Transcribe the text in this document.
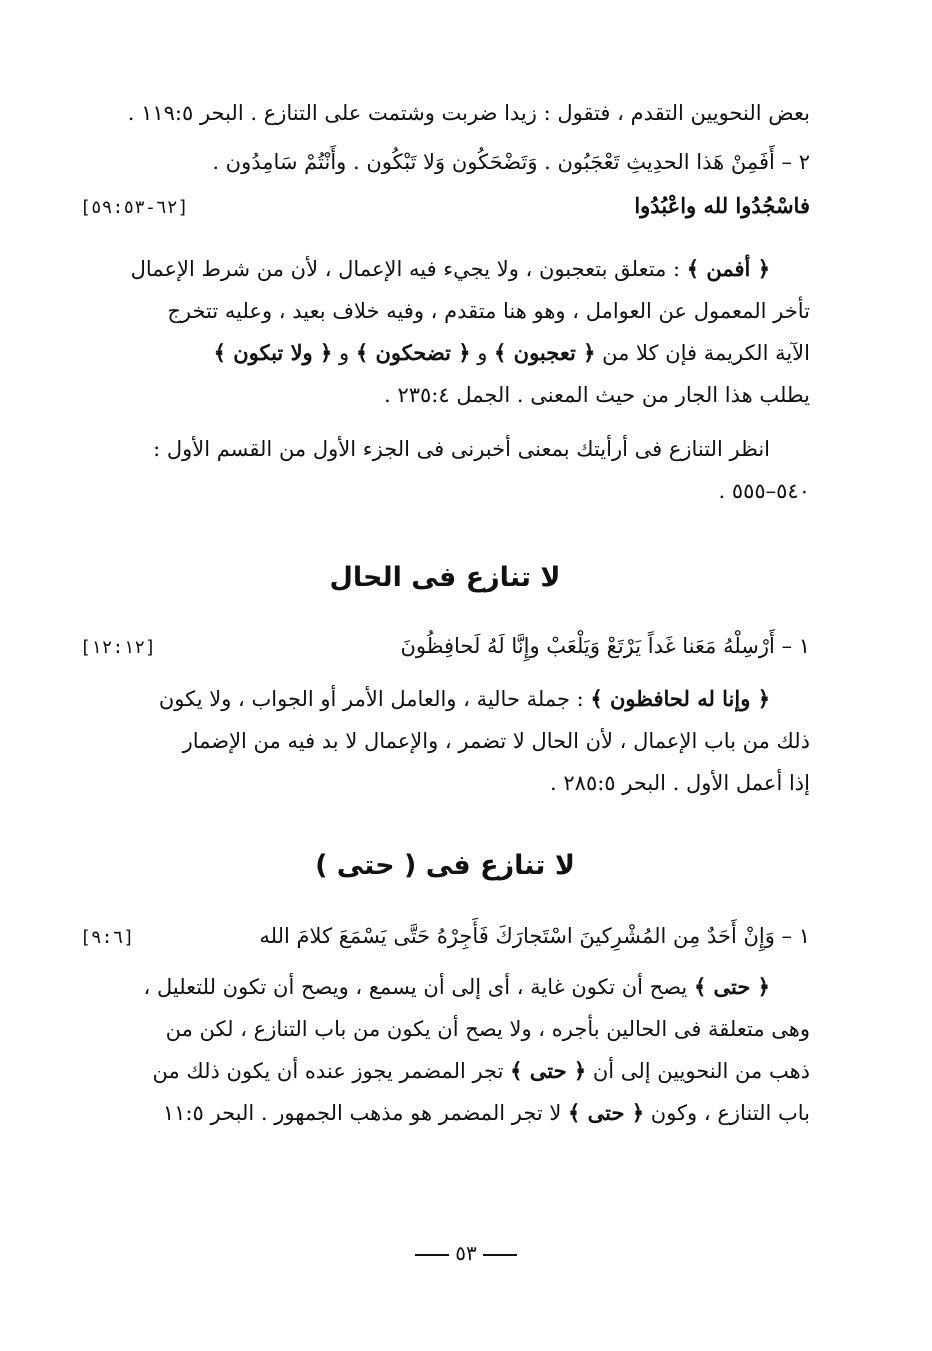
بعض النحويين التقدم ، فتقول : زيدا ضربت وشتمت على التنازع . البحر ١١٩:٥ .
٢ – أَفَمِنْ هَذا الحدِيثِ تَعْجَبُون . وَتَضْحَكُون وَلا تَبْكُون . وأَنْتُمْ سَامِدُون .
فاسْجُدُوا لله واعْبُدُوا
[٦٢-٥٩:٥٣]
﴿ أفمن ﴾ : متعلق بتعجبون ، ولا يجيء فيه الإعمال ، لأن من شرط الإعمال
تأخر المعمول عن العوامل ، وهو هنا متقدم ، وفيه خلاف بعيد ، وعليه تتخرج
الآية الكريمة فإن كلا من ﴿ تعجبون ﴾ و ﴿ تضحكون ﴾ و ﴿ ولا تبكون ﴾
يطلب هذا الجار من حيث المعنى . الجمل ٢٣٥:٤ .
انظر التنازع فى أرأيتك بمعنى أخبرنى فى الجزء الأول من القسم الأول :
٥٤٠–٥٥٥ .
لا تنازع فى الحال
١ – أَرْسِلْهُ مَعَنا غَداً يَرْتَعْ وَيَلْعَبْ وإِنَّا لَهُ لَحافِظُونَ
[١٢:١٢]
﴿ وإنا له لحافظون ﴾ : جملة حالية ، والعامل الأمر أو الجواب ، ولا يكون
ذلك من باب الإعمال ، لأن الحال لا تضمر ، والإعمال لا بد فيه من الإضمار
إذا أعمل الأول . البحر ٢٨٥:٥ .
لا تنازع فى ( حتى )
١ – وَإِنْ أَحَدٌ مِن المُشْرِكينَ اسْتَجارَكَ فَأَجِرْهُ حَتَّى يَسْمَعَ كلامَ الله
[٩:٦]
﴿ حتى ﴾ يصح أن تكون غاية ، أى إلى أن يسمع ، ويصح أن تكون للتعليل ،
وهى متعلقة فى الحالين بأجره ، ولا يصح أن يكون من باب التنازع ، لكن من
ذهب من النحويين إلى أن ﴿ حتى ﴾ تجر المضمر يجوز عنده أن يكون ذلك من
باب التنازع ، وكون ﴿ حتى ﴾ لا تجر المضمر هو مذهب الجمهور . البحر ١١:٥
٥٣
